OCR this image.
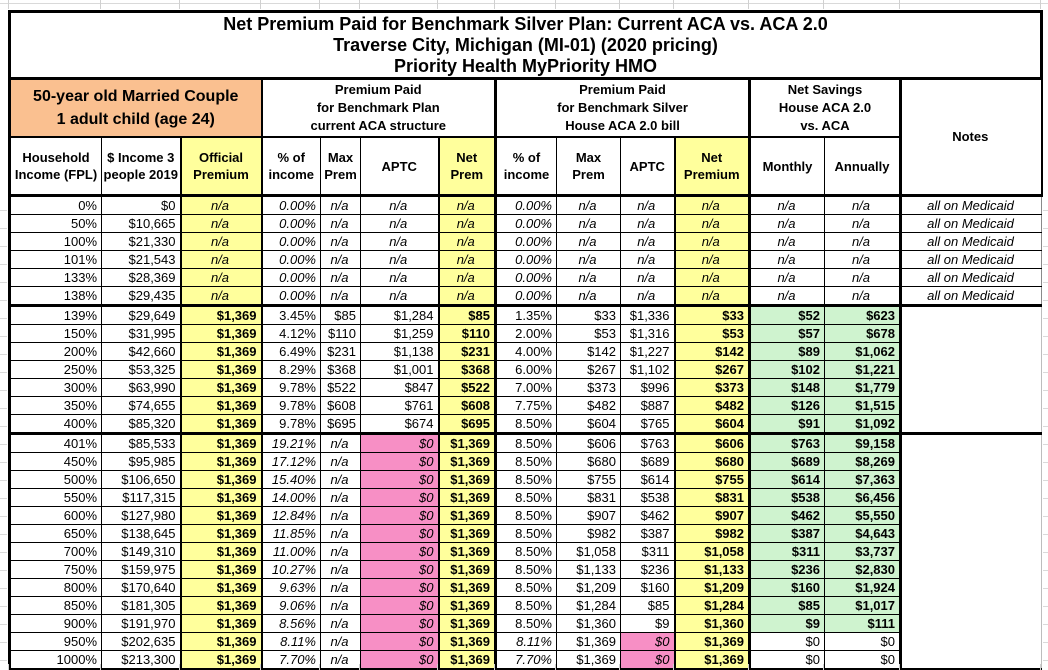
Net Premium Paid for Benchmark Silver Plan: Current ACA vs. ACA 2.0
Traverse City, Michigan (MI-01) (2020 pricing)
Priority Health MyPriority HMO													

50-year old Married Couple
1 adult child (age 24)

Premium Paid
for Benchmark Plan
current ACA structure

Premium Paid
for Benchmark Silver
House ACA 2.0 bill

Net Savings
House ACA 2.0
vs. ACA
	Notes
Household Income (FPL)	$ Income 3 people 2019	Official Premium	% of income	Max Prem	APTC	Net Prem	% of income	Max Prem	APTC	Net Premium	Monthly	Annually	
0%	$0	n/a	0.00%	n/a	n/a	n/a	0.00%	n/a	n/a	n/a	n/a	n/a	all on Medicaid
50%	$10,665	n/a	0.00%	n/a	n/a	n/a	0.00%	n/a	n/a	n/a	n/a	n/a	all on Medicaid
100%	$21,330	n/a	0.00%	n/a	n/a	n/a	0.00%	n/a	n/a	n/a	n/a	n/a	all on Medicaid
101%	$21,543	n/a	0.00%	n/a	n/a	n/a	0.00%	n/a	n/a	n/a	n/a	n/a	all on Medicaid
133%	$28,369	n/a	0.00%	n/a	n/a	n/a	0.00%	n/a	n/a	n/a	n/a	n/a	all on Medicaid
138%	$29,435	n/a	0.00%	n/a	n/a	n/a	0.00%	n/a	n/a	n/a	n/a	n/a	all on Medicaid
139%	$29,649	$1,369	3.45%	$85	$1,284	$85	1.35%	$33	$1,336	$33	$52	$623	
150%	$31,995	$1,369	4.12%	$110	$1,259	$110	2.00%	$53	$1,316	$53	$57	$678	
200%	$42,660	$1,369	6.49%	$231	$1,138	$231	4.00%	$142	$1,227	$142	$89	$1,062	
250%	$53,325	$1,369	8.29%	$368	$1,001	$368	6.00%	$267	$1,102	$267	$102	$1,221	
300%	$63,990	$1,369	9.78%	$522	$847	$522	7.00%	$373	$996	$373	$148	$1,779	
350%	$74,655	$1,369	9.78%	$608	$761	$608	7.75%	$482	$887	$482	$126	$1,515	
400%	$85,320	$1,369	9.78%	$695	$674	$695	8.50%	$604	$765	$604	$91	$1,092	
401%	$85,533	$1,369	19.21%	n/a	$0	$1,369	8.50%	$606	$763	$606	$763	$9,158	
450%	$95,985	$1,369	17.12%	n/a	$0	$1,369	8.50%	$680	$689	$680	$689	$8,269	
500%	$106,650	$1,369	15.40%	n/a	$0	$1,369	8.50%	$755	$614	$755	$614	$7,363	
550%	$117,315	$1,369	14.00%	n/a	$0	$1,369	8.50%	$831	$538	$831	$538	$6,456	
600%	$127,980	$1,369	12.84%	n/a	$0	$1,369	8.50%	$907	$462	$907	$462	$5,550	
650%	$138,645	$1,369	11.85%	n/a	$0	$1,369	8.50%	$982	$387	$982	$387	$4,643	
700%	$149,310	$1,369	11.00%	n/a	$0	$1,369	8.50%	$1,058	$311	$1,058	$311	$3,737	
750%	$159,975	$1,369	10.27%	n/a	$0	$1,369	8.50%	$1,133	$236	$1,133	$236	$2,830	
800%	$170,640	$1,369	9.63%	n/a	$0	$1,369	8.50%	$1,209	$160	$1,209	$160	$1,924	
850%	$181,305	$1,369	9.06%	n/a	$0	$1,369	8.50%	$1,284	$85	$1,284	$85	$1,017	
900%	$191,970	$1,369	8.56%	n/a	$0	$1,369	8.50%	$1,360	$9	$1,360	$9	$111	
950%	$202,635	$1,369	8.11%	n/a	$0	$1,369	8.11%	$1,369	$0	$1,369	$0	$0	
1000%	$213,300	$1,369	7.70%	n/a	$0	$1,369	7.70%	$1,369	$0	$1,369	$0	$0	
